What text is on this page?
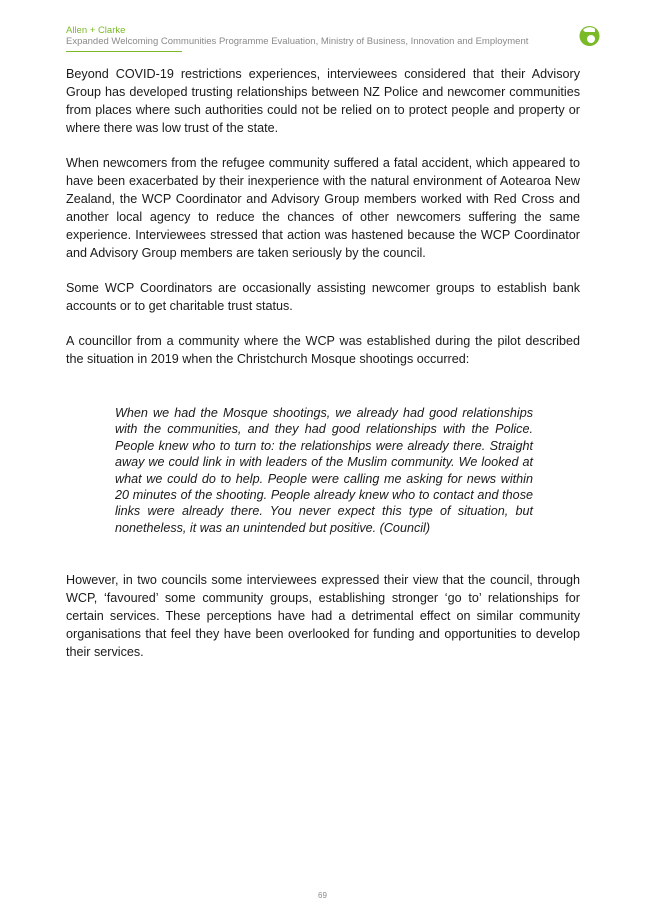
Allen + Clarke
Expanded Welcoming Communities Programme Evaluation, Ministry of Business, Innovation and Employment

Beyond COVID-19 restrictions experiences, interviewees considered that their Advisory Group has developed trusting relationships between NZ Police and newcomer communities from places where such authorities could not be relied on to protect people and property or where there was low trust of the state.

When newcomers from the refugee community suffered a fatal accident, which appeared to have been exacerbated by their inexperience with the natural environment of Aotearoa New Zealand, the WCP Coordinator and Advisory Group members worked with Red Cross and another local agency to reduce the chances of other newcomers suffering the same experience. Interviewees stressed that action was hastened because the WCP Coordinator and Advisory Group members are taken seriously by the council.

Some WCP Coordinators are occasionally assisting newcomer groups to establish bank accounts or to get charitable trust status.

A councillor from a community where the WCP was established during the pilot described the situation in 2019 when the Christchurch Mosque shootings occurred:

When we had the Mosque shootings, we already had good relationships with the communities, and they had good relationships with the Police. People knew who to turn to: the relationships were already there. Straight away we could link in with leaders of the Muslim community. We looked at what we could do to help. People were calling me asking for news within 20 minutes of the shooting. People already knew who to contact and those links were already there. You never expect this type of situation, but nonetheless, it was an unintended but positive. (Council)

However, in two councils some interviewees expressed their view that the council, through WCP, ‘favoured’ some community groups, establishing stronger ‘go to’ relationships for certain services. These perceptions have had a detrimental effect on similar community organisations that feel they have been overlooked for funding and opportunities to develop their services.

69
